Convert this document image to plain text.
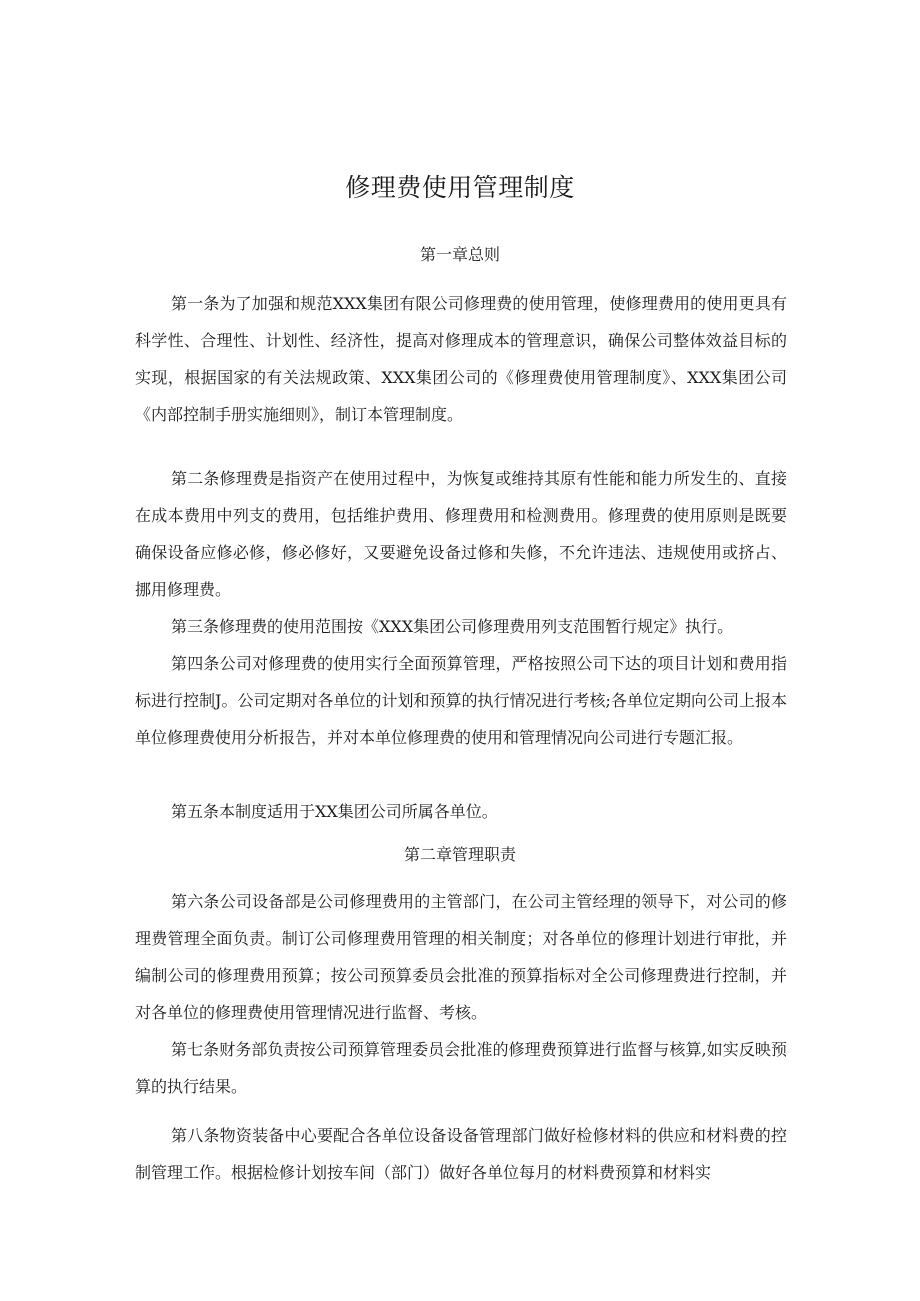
修理费使用管理制度
第一章总则

第一条为了加强和规范XXX集团有限公司修理费的使用管理，使修理费用的使用更具有科学性、合理性、计划性、经济性，提高对修理成本的管理意识，确保公司整体效益目标的实现，根据国家的有关法规政策、XXX集团公司的《修理费使用管理制度》、XXX集团公司《内部控制手册实施细则》，制订本管理制度。

第二条修理费是指资产在使用过程中，为恢复或维持其原有性能和能力所发生的、直接在成本费用中列支的费用，包括维护费用、修理费用和检测费用。修理费的使用原则是既要确保设备应修必修，修必修好，又要避免设备过修和失修，不允许违法、违规使用或挤占、挪用修理费。

第三条修理费的使用范围按《XXX集团公司修理费用列支范围暂行规定》执行。

第四条公司对修理费的使用实行全面预算管理，严格按照公司下达的项目计划和费用指标进行控制J。公司定期对各单位的计划和预算的执行情况进行考核;各单位定期向公司上报本单位修理费使用分析报告，并对本单位修理费的使用和管理情况向公司进行专题汇报。

第五条本制度适用于XX集团公司所属各单位。

第二章管理职责

第六条公司设备部是公司修理费用的主管部门，在公司主管经理的领导下，对公司的修理费管理全面负责。制订公司修理费用管理的相关制度；对各单位的修理计划进行审批，并编制公司的修理费用预算；按公司预算委员会批准的预算指标对全公司修理费进行控制，并对各单位的修理费使用管理情况进行监督、考核。

第七条财务部负责按公司预算管理委员会批准的修理费预算进行监督与核算,如实反映预算的执行结果。

第八条物资装备中心要配合各单位设备设备管理部门做好检修材料的供应和材料费的控制管理工作。根据检修计划按车间（部门）做好各单位每月的材料费预算和材料实
